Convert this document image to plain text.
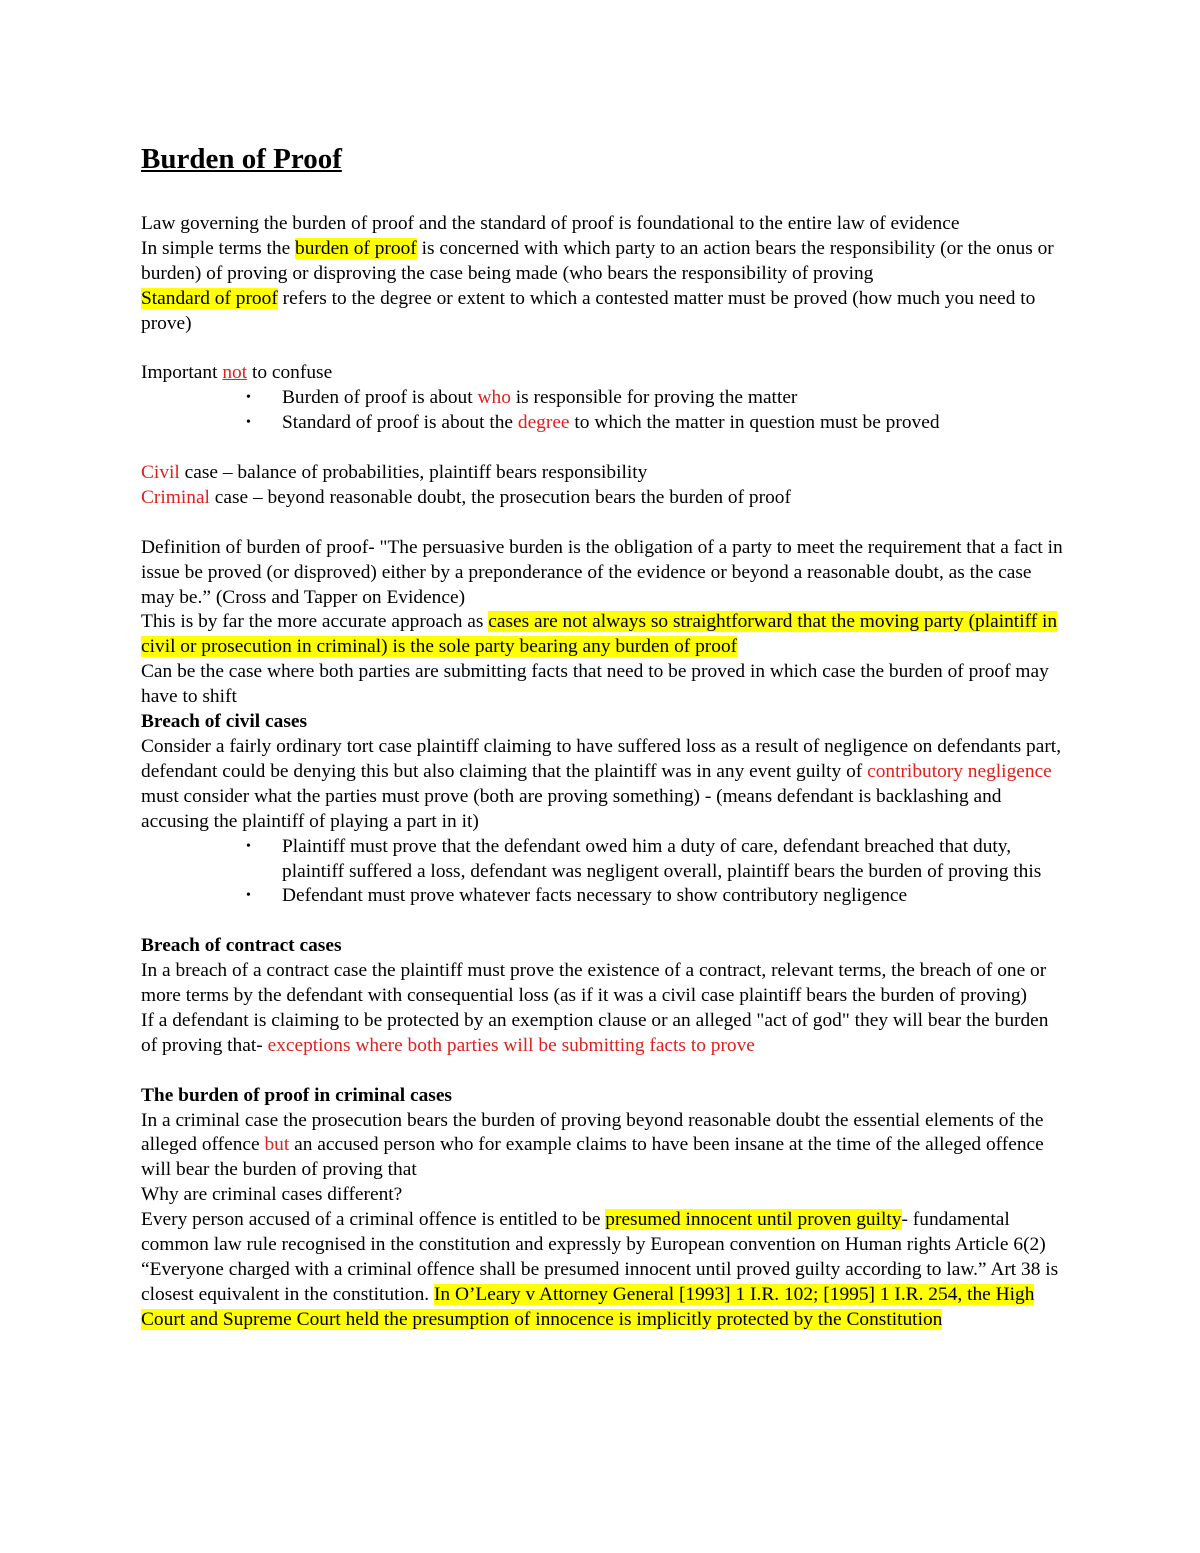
Burden of Proof

Law governing the burden of proof and the standard of proof is foundational to the entire law of evidence

In simple terms the burden of proof is concerned with which party to an action bears the responsibility (or the onus or burden) of proving or disproving the case being made (who bears the responsibility of proving

Standard of proof refers to the degree or extent to which a contested matter must be proved (how much you need to prove)

Important not to confuse

• Burden of proof is about who is responsible for proving the matter
• Standard of proof is about the degree to which the matter in question must be proved

Civil case – balance of probabilities, plaintiff bears responsibility

Criminal case – beyond reasonable doubt, the prosecution bears the burden of proof

Definition of burden of proof- "The persuasive burden is the obligation of a party to meet the requirement that a fact in issue be proved (or disproved) either by a preponderance of the evidence or beyond a reasonable doubt, as the case may be.” (Cross and Tapper on Evidence)

This is by far the more accurate approach as cases are not always so straightforward that the moving party (plaintiff in civil or prosecution in criminal) is the sole party bearing any burden of proof

Can be the case where both parties are submitting facts that need to be proved in which case the burden of proof may have to shift

Breach of civil cases

Consider a fairly ordinary tort case plaintiff claiming to have suffered loss as a result of negligence on defendants part, defendant could be denying this but also claiming that the plaintiff was in any event guilty of contributory negligence must consider what the parties must prove (both are proving something) - (means defendant is backlashing and accusing the plaintiff of playing a part in it)

• Plaintiff must prove that the defendant owed him a duty of care, defendant breached that duty, plaintiff suffered a loss, defendant was negligent overall, plaintiff bears the burden of proving this
• Defendant must prove whatever facts necessary to show contributory negligence

Breach of contract cases

In a breach of a contract case the plaintiff must prove the existence of a contract, relevant terms, the breach of one or more terms by the defendant with consequential loss (as if it was a civil case plaintiff bears the burden of proving)

If a defendant is claiming to be protected by an exemption clause or an alleged "act of god" they will bear the burden of proving that- exceptions where both parties will be submitting facts to prove

The burden of proof in criminal cases

In a criminal case the prosecution bears the burden of proving beyond reasonable doubt the essential elements of the alleged offence but an accused person who for example claims to have been insane at the time of the alleged offence will bear the burden of proving that

Why are criminal cases different?

Every person accused of a criminal offence is entitled to be presumed innocent until proven guilty- fundamental common law rule recognised in the constitution and expressly by European convention on Human rights Article 6(2) “Everyone charged with a criminal offence shall be presumed innocent until proved guilty according to law.” Art 38 is closest equivalent in the constitution. In O’Leary v Attorney General [1993] 1 I.R. 102; [1995] 1 I.R. 254, the High Court and Supreme Court held the presumption of innocence is implicitly protected by the Constitution
